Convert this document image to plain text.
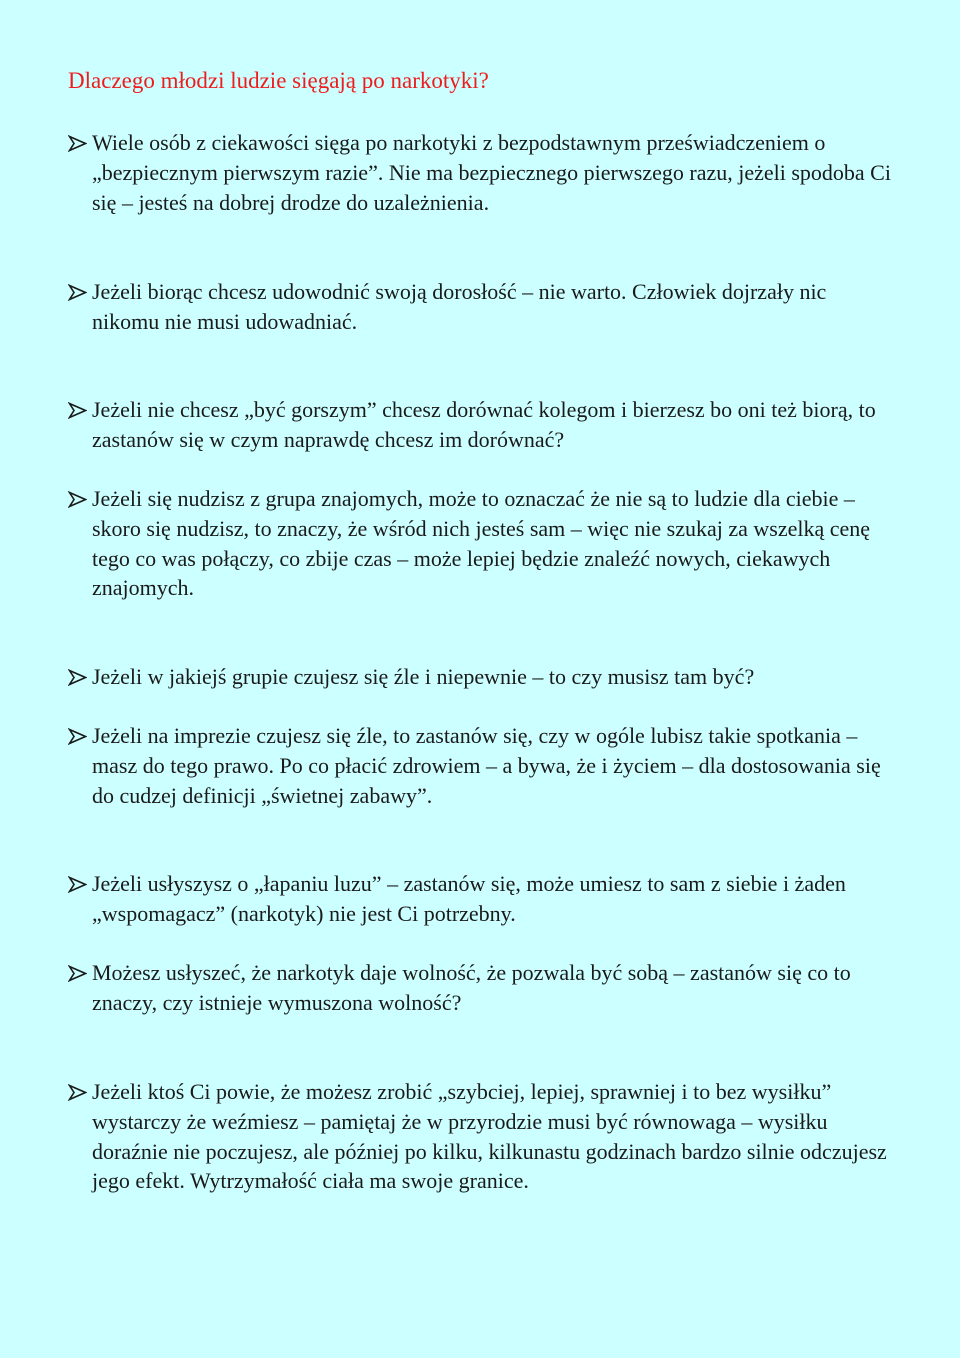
Dlaczego młodzi ludzie sięgają po narkotyki?

Wiele osób z ciekawości sięga po narkotyki z bezpodstawnym przeświadczeniem o „bezpiecznym pierwszym razie”. Nie ma bezpiecznego pierwszego razu, jeżeli spodoba Ci się – jesteś na dobrej drodze do uzależnienia.

Jeżeli biorąc chcesz udowodnić swoją dorosłość – nie warto. Człowiek dojrzały nic nikomu nie musi udowadniać.

Jeżeli nie chcesz „być gorszym” chcesz dorównać kolegom i bierzesz bo oni też biorą, to zastanów się w czym naprawdę chcesz im dorównać?

Jeżeli się nudzisz z grupa znajomych, może to oznaczać że nie są to ludzie dla ciebie – skoro się nudzisz, to znaczy, że wśród nich jesteś sam – więc nie szukaj za wszelką cenę tego co was połączy, co zbije czas – może lepiej będzie znaleźć nowych, ciekawych znajomych.

Jeżeli w jakiejś grupie czujesz się źle i niepewnie – to czy musisz tam być?

Jeżeli na imprezie czujesz się źle, to zastanów się, czy w ogóle lubisz takie spotkania – masz do tego prawo. Po co płacić zdrowiem – a bywa, że i życiem – dla dostosowania się do cudzej definicji „świetnej zabawy”.

Jeżeli usłyszysz o „łapaniu luzu” – zastanów się, może umiesz to sam z siebie i żaden „wspomagacz” (narkotyk) nie jest Ci potrzebny.

Możesz usłyszeć, że narkotyk daje wolność, że pozwala być sobą – zastanów się co to znaczy, czy istnieje wymuszona wolność?

Jeżeli ktoś Ci powie, że możesz zrobić „szybciej, lepiej, sprawniej i to bez wysiłku” wystarczy że weźmiesz – pamiętaj że w przyrodzie musi być równowaga – wysiłku doraźnie nie poczujesz, ale później po kilku, kilkunastu godzinach bardzo silnie odczujesz jego efekt. Wytrzymałość ciała ma swoje granice.
